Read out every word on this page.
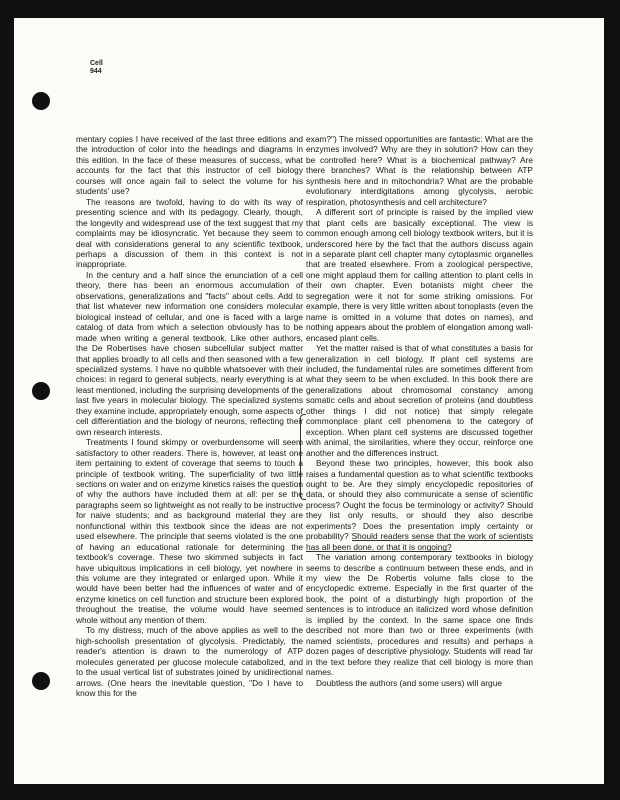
Cell
944

mentary copies I have received of the last three editions and the introduction of color into the headings and diagrams in this edition. In the face of these measures of success, what accounts for the fact that this instructor of cell biology courses will once again fail to select the volume for his students' use?

The reasons are twofold, having to do with its way of presenting science and with its pedagogy. Clearly, though, the longevity and widespread use of the text suggest that my complaints may be idiosyncratic. Yet because they seem to deal with considerations general to any scientific textbook, perhaps a discussion of them in this context is not inappropriate.

In the century and a half since the enunciation of a cell theory, there has been an enormous accumulation of observations, generalizations and "facts" about cells. Add to that list whatever new information one considers molecular biological instead of cellular, and one is faced with a large catalog of data from which a selection obviously has to be made when writing a general textbook. Like other authors, the De Robertises have chosen subcellular subject matter that applies broadly to all cells and then seasoned with a few specialized systems. I have no quibble whatsoever with their choices: in regard to general subjects, nearly everything is at least mentioned, including the surprising developments of the last five years in molecular biology. The specialized systems they examine include, appropriately enough, some aspects of cell differentiation and the biology of neurons, reflecting their own research interests.

Treatments I found skimpy or overburdensome will seem satisfactory to other readers. There is, however, at least one item pertaining to extent of coverage that seems to touch a principle of textbook writing. The superficiality of two little sections on water and on enzyme kinetics raises the question of why the authors have included them at all: per se the paragraphs seem so lightweight as not really to be instructive for naive students; and as background material they are nonfunctional within this textbook since the ideas are not used elsewhere. The principle that seems violated is the one of having an educational rationale for determining the textbook's coverage. These two skimmed subjects in fact have ubiquitous implications in cell biology, yet nowhere in this volume are they integrated or enlarged upon. While it would have been better had the influences of water and of enzyme kinetics on cell function and structure been explored throughout the treatise, the volume would have seemed whole without any mention of them.

To my distress, much of the above applies as well to the high-schoolish presentation of glycolysis. Predictably, the reader's attention is drawn to the numerology of ATP molecules generated per glucose molecule catabolized, and to the usual vertical list of substrates joined by unidirectional arrows. (One hears the inevitable question, "Do I have to know this for the

exam?") The missed opportunities are fantastic: What are the enzymes involved? Why are they in solution? How can they be controlled here? What is a biochemical pathway? Are there branches? What is the relationship between ATP synthesis here and in mitochondria? What are the probable evolutionary interdigitations among glycolysis, aerobic respiration, photosynthesis and cell architecture?

A different sort of principle is raised by the implied view that plant cells are basically exceptional. The view is common enough among cell biology textbook writers, but it is underscored here by the fact that the authors discuss again in a separate plant cell chapter many cytoplasmic organelles that are treated elsewhere. From a zoological perspective, one might applaud them for calling attention to plant cells in their own chapter. Even botanists might cheer the segregation were it not for some striking omissions. For example, there is very little written about tonoplasts (even the name is omitted in a volume that dotes on names), and nothing appears about the problem of elongation among wall-encased plant cells.

Yet the matter raised is that of what constitutes a basis for generalization in cell biology. If plant cell systems are included, the fundamental rules are sometimes different from what they seem to be when excluded. In this book there are generalizations about chromosomal constancy among somatic cells and about secretion of proteins (and doubtless other things I did not notice) that simply relegate commonplace plant cell phenomena to the category of exception. When plant cell systems are discussed together with animal, the similarities, where they occur, reinforce one another and the differences instruct.

Beyond these two principles, however, this book also raises a fundamental question as to what scientific textbooks ought to be. Are they simply encyclopedic repositories of data, or should they also communicate a sense of scientific process? Ought the focus be terminology or activity? Should they list only results, or should they also describe experiments? Does the presentation imply certainty or probability? Should readers sense that the work of scientists has all been done, or that it is ongoing?

The variation among contemporary textbooks in biology seems to describe a continuum between these ends, and in my view the De Robertis volume falls close to the encyclopedic extreme. Especially in the first quarter of the book, the point of a disturbingly high proportion of the sentences is to introduce an italicized word whose definition is implied by the context. In the same space one finds described not more than two or three experiments (with named scientists, procedures and results) and perhaps a dozen pages of descriptive physiology. Students will read far in the text before they realize that cell biology is more than names.

Doubtless the authors (and some users) will argue
